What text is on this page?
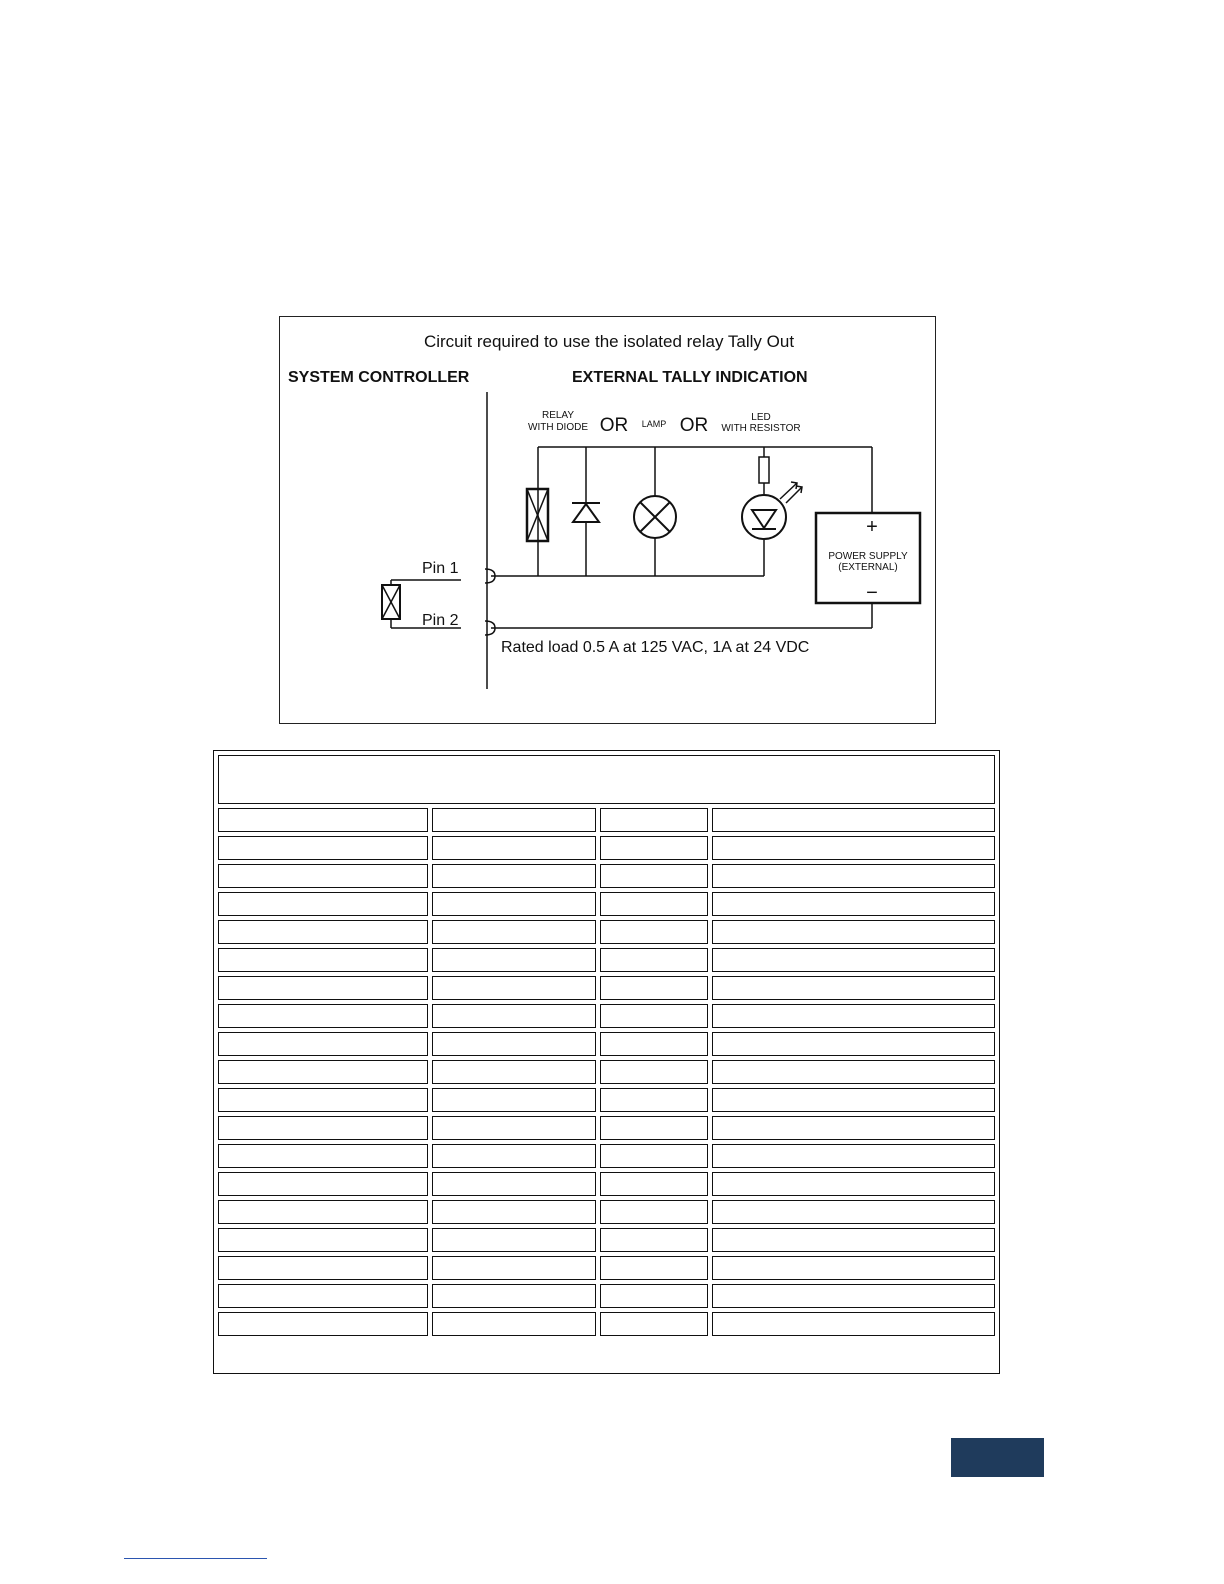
Circuit required to use the isolated relay Tally Out
SYSTEM CONTROLLER	EXTERNAL TALLY INDICATION
RELAY
WITH DIODE OR LAMP OR	LED
WITH RESISTOR
+
POWER SUPPLY
(EXTERNAL)
−
Pin 1
Pin 2
Rated load 0.5 A at 125 VAC, 1A at 24 VDC
